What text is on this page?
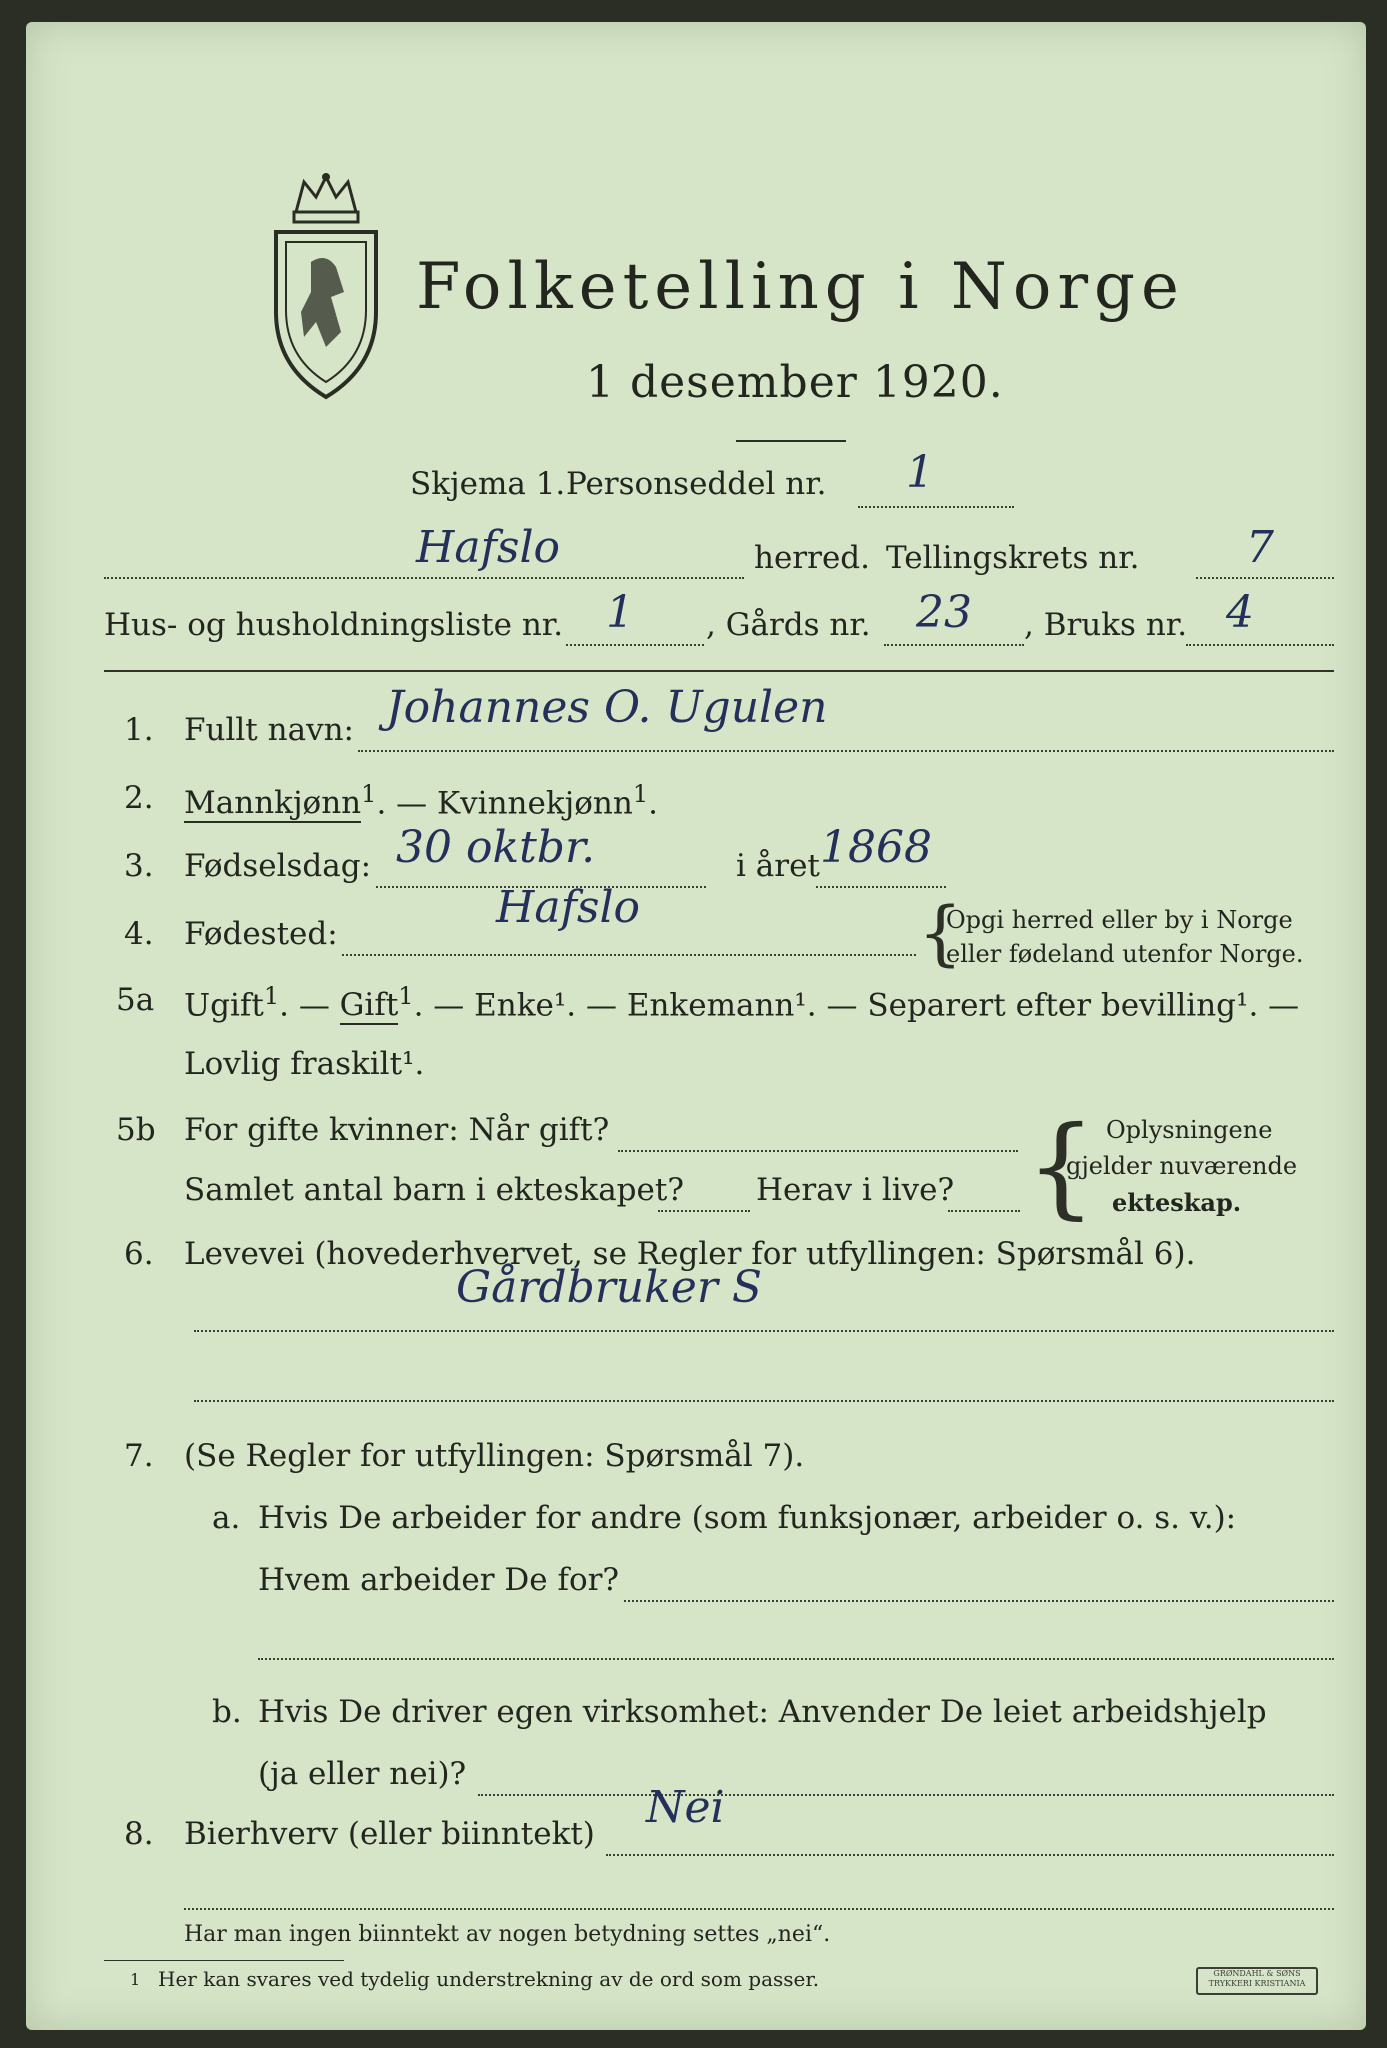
Folketelling i Norge
1 desember 1920.
Skjema 1. Personseddel nr. 1
Hafslo	herred. Tellingskrets nr. 7
Hus- og husholdningsliste nr. 1 , Gårds nr. 23 , Bruks nr. 4
1. Fullt navn: Johannes O. Ugulen
2. Mannkjønn$^1$. — Kvinnekjønn$^1$.
3. Fødselsdag: 30 oktbr.	i året 1868
4. Fødested:
Hafslo	{
Opgi herred eller by i Norge
eller fødeland utenfor Norge.
5a Ugift$^1$. — Gift$^1$. — Enke¹. — Enkemann¹. — Separert efter bevilling¹. —
Lovlig fraskilt¹.
5b For gifte kvinner: Når gift?
Samlet antal barn i ekteskapet? Herav i live? { Oplysningene
gjelder nuværende
ekteskap.
6. Levevei (hovederhvervet, se Regler for utfyllingen: Spørsmål 6).
Gårdbruker S
7. (Se Regler for utfyllingen: Spørsmål 7).
a. Hvis De arbeider for andre (som funksjonær, arbeider o. s. v.):
Hvem arbeider De for?
b. Hvis De driver egen virksomhet: Anvender De leiet arbeidshjelp
(ja eller nei)?
8. Bierhverv (eller biinntekt)
Nei
Har man ingen biinntekt av nogen betydning settes „nei“.
1 Her kan svares ved tydelig understrekning av de ord som passer.	GRØNDAHL & SØNS TRYKKERI KRISTIANIA
